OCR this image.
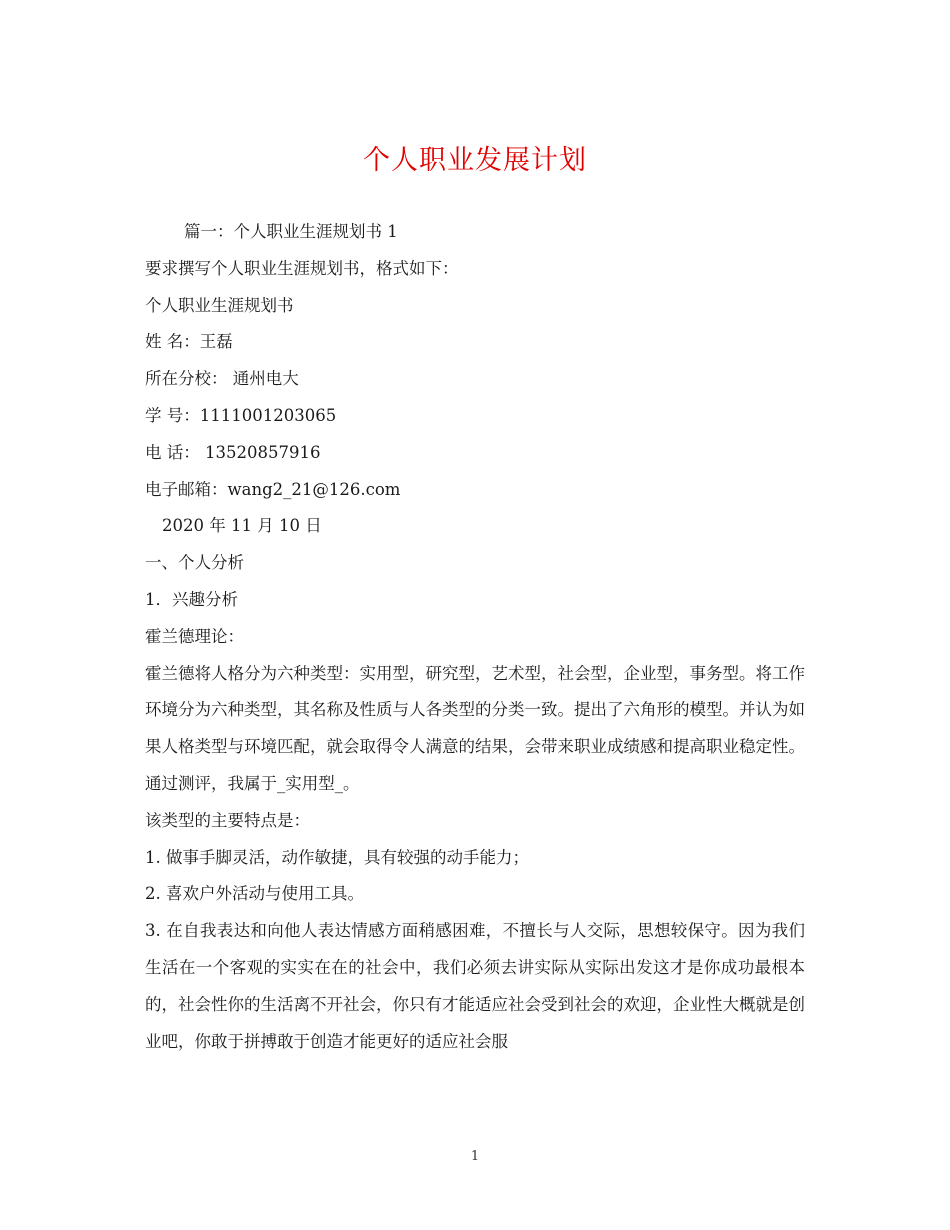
个人职业发展计划

篇一：个人职业生涯规划书 1

要求撰写个人职业生涯规划书，格式如下：

个人职业生涯规划书

姓 名：王磊

所在分校： 通州电大

学 号：1111001203065

电 话： 13520857916

电子邮箱：wang2_21@126.com

2020 年 11 月 10 日

一、个人分析

1．兴趣分析

霍兰德理论：

霍兰德将人格分为六种类型：实用型，研究型，艺术型，社会型，企业型，事务型。将工作环境分为六种类型，其名称及性质与人各类型的分类一致。提出了六角形的模型。并认为如果人格类型与环境匹配，就会取得令人满意的结果，会带来职业成绩感和提高职业稳定性。

通过测评，我属于_实用型_。

该类型的主要特点是：

1. 做事手脚灵活，动作敏捷，具有较强的动手能力；

2. 喜欢户外活动与使用工具。

3. 在自我表达和向他人表达情感方面稍感困难，不擅长与人交际，思想较保守。因为我们生活在一个客观的实实在在的社会中，我们必须去讲实际从实际出发这才是你成功最根本的，社会性你的生活离不开社会，你只有才能适应社会受到社会的欢迎，企业性大概就是创业吧，你敢于拼搏敢于创造才能更好的适应社会服

1
